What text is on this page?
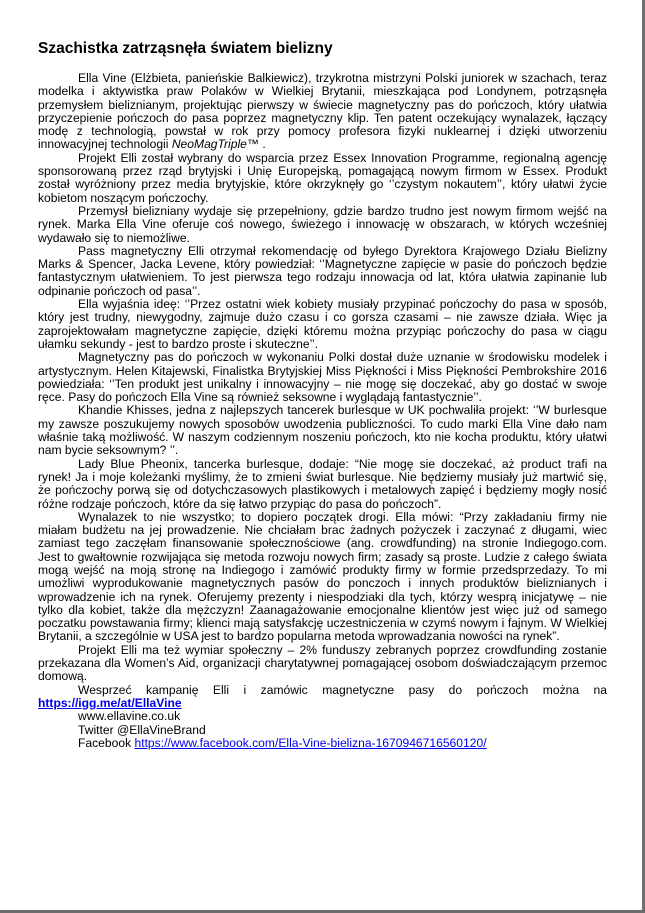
Szachistka zatrząsnęła światem bielizny

Ella Vine (Elżbieta, panieńskie Balkiewicz), trzykrotna mistrzyni Polski juniorek w szachach, teraz modelka i aktywistka praw Polaków w Wielkiej Brytanii, mieszkająca pod Londynem, potrząsnęła przemysłem bieliznianym, projektując pierwszy w świecie magnetyczny pas do pończoch, który ułatwia przyczepienie pończoch do pasa poprzez magnetyczny klip. Ten patent oczekujący wynalazek, łączący modę z technologią, powstał w rok przy pomocy profesora fizyki nuklearnej i dzięki utworzeniu innowacyjnej technologii NeoMagTriple™ .

Projekt Elli został wybrany do wsparcia przez Essex Innovation Programme, regionalną agencję sponsorowaną przez rząd brytyjski i Unię Europejską, pomagającą nowym firmom w Essex. Produkt został wyróżniony przez media brytyjskie, które okrzyknęły go ‘’czystym nokautem’’, który ułatwi życie kobietom noszącym pończochy.

Przemysł bielizniany wydaje się przepełniony, gdzie bardzo trudno jest nowym firmom wejść na rynek. Marka Ella Vine oferuje coś nowego, świeżego i innowację w obszarach, w których wcześniej wydawało się to niemożliwe.

Pass magnetyczny Elli otrzymał rekomendację od byłego Dyrektora Krajowego Działu Bielizny Marks & Spencer, Jacka Levene, który powiedział: ‘’Magnetyczne zapięcie w pasie do pończoch będzie fantastycznym ułatwieniem. To jest pierwsza tego rodzaju innowacja od lat, która ułatwia zapinanie lub odpinanie pończoch od pasa’’.

Ella wyjaśnia ideę: ‘’Przez ostatni wiek kobiety musiały przypinać pończochy do pasa w sposób, który jest trudny, niewygodny, zajmuje dużo czasu i co gorsza czasami – nie zawsze działa. Więc ja zaprojektowałam magnetyczne zapięcie, dzięki któremu można przypiąc pończochy do pasa w ciągu ułamku sekundy - jest to bardzo proste i skuteczne’’.

Magnetyczny pas do pończoch w wykonaniu Polki dostał duże uznanie w środowisku modelek i artystycznym. Helen Kitajewski, Finalistka Brytyjskiej Miss Piękności i Miss Piękności Pembrokshire 2016 powiedziała: ‘’Ten produkt jest unikalny i innowacyjny – nie mogę się doczekać, aby go dostać w swoje ręce. Pasy do pończoch Ella Vine są również seksowne i wyglądają fantastycznie’’.

Khandie Khisses, jedna z najlepszych tancerek burlesque w UK pochwaliła projekt: ‘’W burlesque my zawsze poszukujemy nowych sposobów uwodzenia publiczności. To cudo marki Ella Vine dało nam właśnie taką możliwość. W naszym codziennym noszeniu pończoch, kto nie kocha produktu, który ułatwi nam bycie seksownym? ’’.

Lady Blue Pheonix, tancerka burlesque, dodaje: “Nie mogę sie doczekać, aż product trafi na rynek! Ja i moje koleżanki myślimy, że to zmieni świat burlesque. Nie będziemy musiały już martwić się, że pończochy porwą się od dotychczasowych plastikowych i metalowych zapięć i będziemy mogły nosić różne rodzaje pończoch, które da się łatwo przypiąc do pasa do pończoch”.

Wynalazek to nie wszystko; to dopiero początek drogi. Ella mówi: “Przy zakładaniu firmy nie miałam budżetu na jej prowadzenie. Nie chciałam brac żadnych pożyczek i zaczynać z długami, wiec zamiast tego zaczęłam finansowanie społecznościowe (ang. crowdfunding) na stronie Indiegogo.com. Jest to gwałtownie rozwijająca się metoda rozwoju nowych firm; zasady są proste. Ludzie z całego świata mogą wejść na moją stronę na Indiegogo i zamówić produkty firmy w formie przedsprzedazy. To mi umożliwi wyprodukowanie magnetycznych pasów do ponczoch i innych produktów bieliznianych i wprowadzenie ich na rynek. Oferujemy prezenty i niespodziaki dla tych, którzy wesprą inicjatywę – nie tylko dla kobiet, także dla mężczyzn! Zaanagażowanie emocjonalne klientów jest więc już od samego poczatku powstawania firmy; klienci mają satysfakcję uczestniczenia w czymś nowym i fajnym. W Wielkiej Brytanii, a szczególnie w USA jest to bardzo popularna metoda wprowadzania nowości na rynek”.

Projekt Elli ma też wymiar społeczny – 2% funduszy zebranych poprzez crowdfunding zostanie przekazana dla Women’s Aid, organizacji charytatywnej pomagającej osobom doświadczającym przemoc domową.

Wesprzeć kampanię Elli i zamówic magnetyczne pasy do pończoch można na https://igg.me/at/EllaVine

www.ellavine.co.uk
Twitter @EllaVineBrand
Facebook https://www.facebook.com/Ella-Vine-bielizna-1670946716560120/
